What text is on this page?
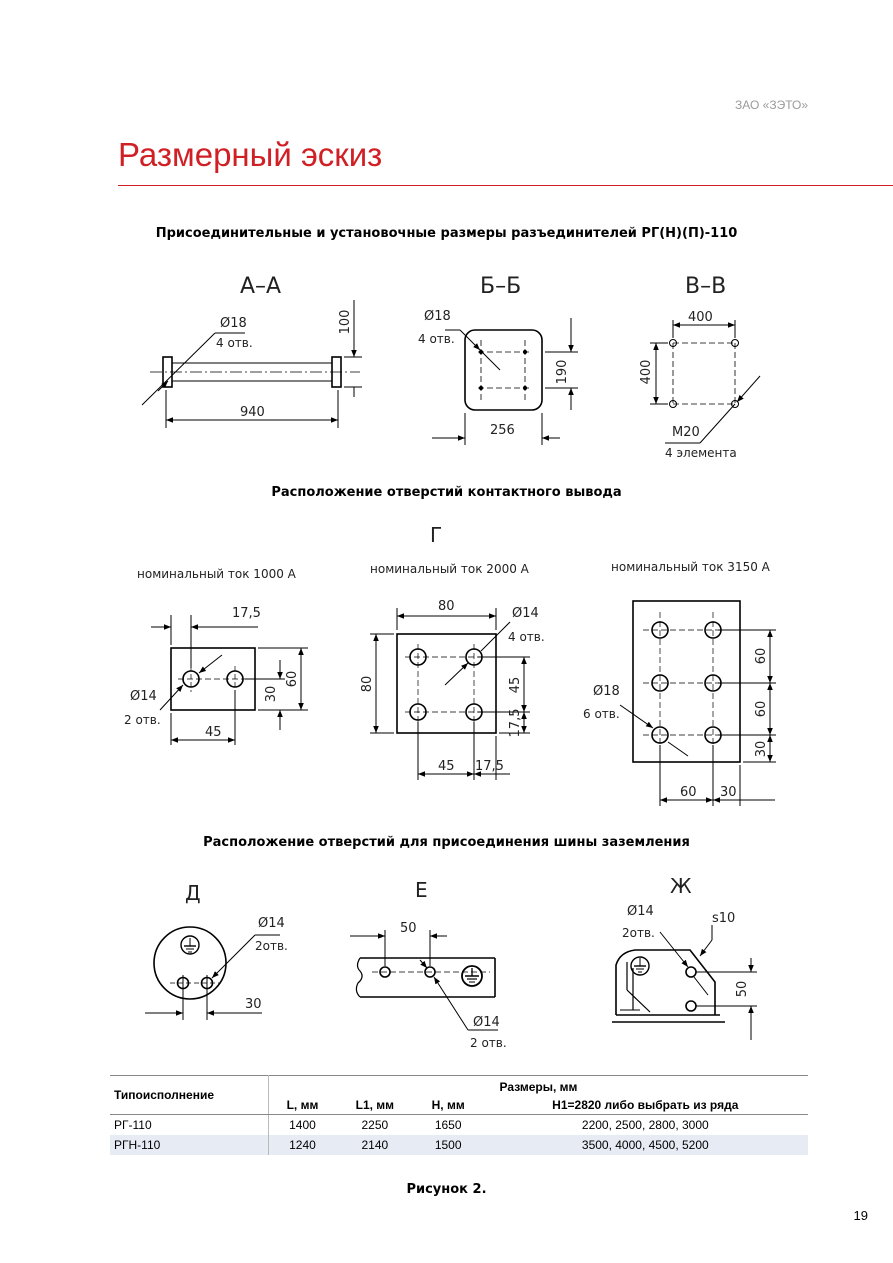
ЗАО «ЗЭТО»
Размерный эскиз
Присоединительные и установочные размеры разъединителей РГ(Н)(П)-110
Расположение отверстий контактного вывода
Расположение отверстий для присоединения шины заземления
А–А
Ø18
4 отв.
940
100
Б–Б
Ø18
4 отв.
256
190
В–В
400
400
М20
4 элемента
Г
номинальный ток 1000 А
17,5
Ø14
2 отв.
45
30
60
номинальный ток 2000 А
80	Ø14
4 отв.
80	45
17,5
45 17,5
номинальный ток 3150 А
Ø18
6 отв.
60
60
30
60 30
Д
Ø14
2отв.
30
Е
50
Ø14
2 отв.
Ж
Ø14
2отв.
s10
50
Типоисполнение	Размеры, мм			
	L, мм	L1, мм	H, мм	H1=2820 либо выбрать из ряда
РГ-110	1400	2250	1650	2200, 2500, 2800, 3000
РГН-110	1240	2140	1500	3500, 4000, 4500, 5200
Рисунок 2.
19
